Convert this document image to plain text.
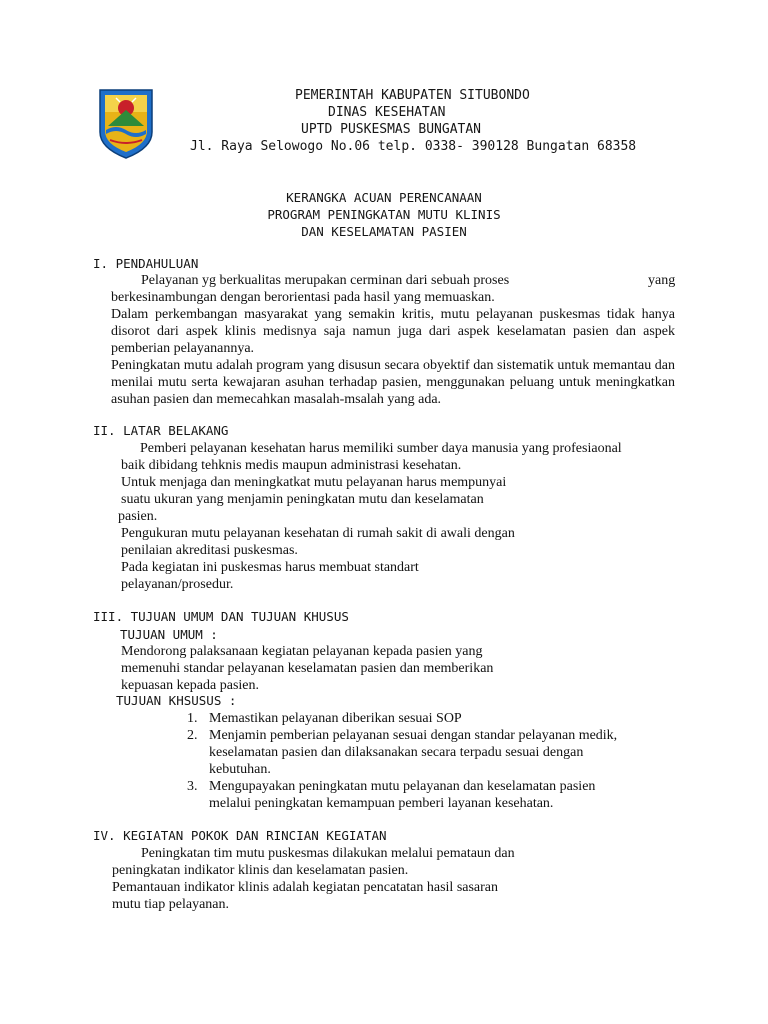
PEMERINTAH KABUPATEN SITUBONDO
DINAS KESEHATAN
UPTD PUSKESMAS BUNGATAN
Jl. Raya Selowogo No.06 telp. 0338- 390128 Bungatan 68358
KERANGKA ACUAN PERENCANAAN
PROGRAM PENINGKATAN MUTU KLINIS
DAN KESELAMATAN PASIEN
I. PENDAHULUAN
Pelayanan yg berkualitas merupakan cerminan dari sebuah proses	yang
berkesinambungan dengan berorientasi pada hasil yang memuaskan.
Dalam perkembangan masyarakat yang semakin kritis, mutu pelayanan puskesmas tidak hanya disorot dari aspek klinis medisnya saja namun juga dari aspek keselamatan pasien dan aspek pemberian pelayanannya.
Peningkatan mutu adalah program yang disusun secara obyektif dan sistematik untuk memantau dan menilai mutu serta kewajaran asuhan terhadap pasien, menggunakan peluang untuk meningkatkan asuhan pasien dan memecahkan masalah-msalah yang ada.
II. LATAR BELAKANG
Pemberi pelayanan kesehatan harus memiliki sumber daya manusia yang profesiaonal
baik dibidang tehknis medis maupun administrasi kesehatan.
Untuk menjaga dan meningkatkat mutu pelayanan harus mempunyai
suatu ukuran yang menjamin peningkatan mutu dan keselamatan
pasien.
Pengukuran mutu pelayanan kesehatan di rumah sakit di awali dengan
penilaian akreditasi puskesmas.
Pada kegiatan ini puskesmas harus membuat standart
pelayanan/prosedur.
III. TUJUAN UMUM DAN TUJUAN KHUSUS
TUJUAN UMUM :
Mendorong palaksanaan kegiatan pelayanan kepada pasien yang
memenuhi standar pelayanan keselamatan pasien dan memberikan
kepuasan kepada pasien.
TUJUAN KHSUSUS :
1. Memastikan pelayanan diberikan sesuai SOP
2. Menjamin pemberian pelayanan sesuai dengan standar pelayanan medik,
keselamatan pasien dan dilaksanakan secara terpadu sesuai dengan
kebutuhan.
3. Mengupayakan peningkatan mutu pelayanan dan keselamatan pasien
melalui peningkatan kemampuan pemberi layanan kesehatan.
IV. KEGIATAN POKOK DAN RINCIAN KEGIATAN
Peningkatan tim mutu puskesmas dilakukan melalui pemataun dan
peningkatan indikator klinis dan keselamatan pasien.
Pemantauan indikator klinis adalah kegiatan pencatatan hasil sasaran
mutu tiap pelayanan.
